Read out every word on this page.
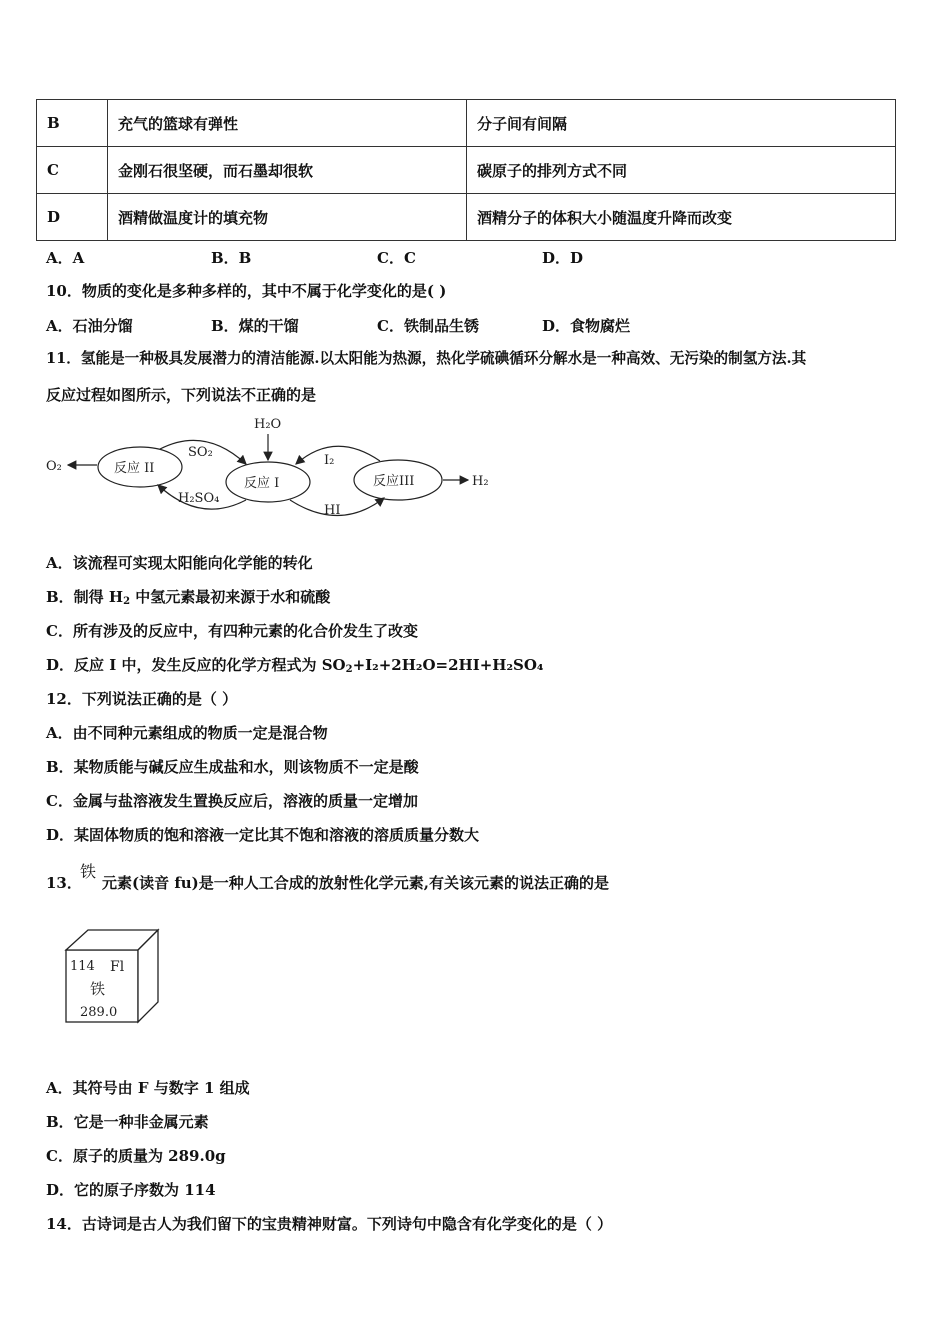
B	充气的篮球有弹性	分子间有间隔
C	金刚石很坚硬，而石墨却很软	碳原子的排列方式不同
D	酒精做温度计的填充物	酒精分子的体积大小随温度升降而改变
A．A	B．B	C．C	D．D
10．物质的变化是多种多样的，其中不属于化学变化的是( )
A．石油分馏	B．煤的干馏	C．铁制品生锈	D．食物腐烂
11．氢能是一种极具发展潜力的清洁能源.以太阳能为热源，热化学硫碘循环分解水是一种高效、无污染的制氢方法.其
反应过程如图所示，下列说法不正确的是
H₂O
O₂
H₂
SO₂
H₂SO₄
I₂
HI
反应 I
反应 II
反应III
A．该流程可实现太阳能向化学能的转化
B．制得 $H_2$ 中氢元素最初来源于水和硫酸
C．所有涉及的反应中，有四种元素的化合价发生了改变
D．反应 I 中，发生反应的化学方程式为 $SO_2+I_2+2H_2O=2HI+H_2SO_4$
12．下列说法正确的是（ ）
A．由不同种元素组成的物质一定是混合物
B．某物质能与碱反应生成盐和水，则该物质不一定是酸
C．金属与盐溶液发生置换反应后，溶液的质量一定增加
D．某固体物质的饱和溶液一定比其不饱和溶液的溶质质量分数大
13．
铁
元素(读音 fu)是一种人工合成的放射性化学元素,有关该元素的说法正确的是
114 Fl
铁
289.0
A．其符号由 F 与数字 1 组成
B．它是一种非金属元素
C．原子的质量为 289.0g
D．它的原子序数为 114
14．古诗词是古人为我们留下的宝贵精神财富。下列诗句中隐含有化学变化的是（ ）
